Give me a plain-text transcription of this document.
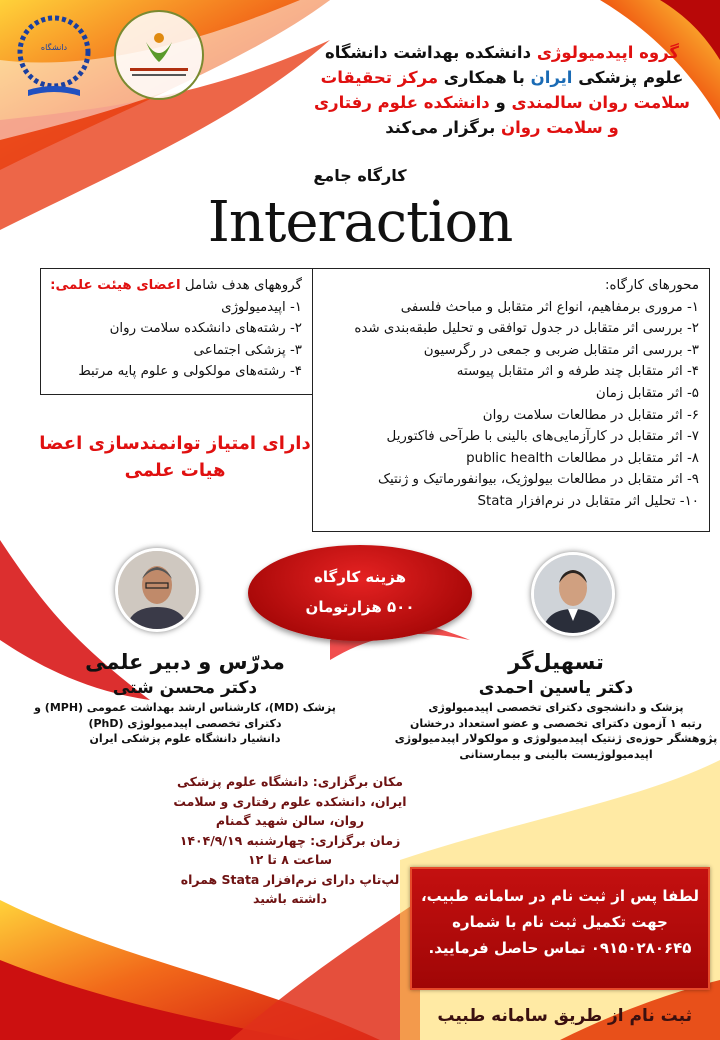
دانشگاه	گروه اپیدمیولوژی دانشکده بهداشت دانشگاه
علوم پزشکی ایران با همکاری مرکز تحقیقات
سلامت روان سالمندی و دانشکده علوم رفتاری
و سلامت روان برگزار می‌کند
کارگاه جامع
Interaction
محورهای کارگاه:
۱- مروری برمفاهیم، انواع اثر متقابل و مباحث فلسفی
۲- بررسی اثر متقابل در جدول توافقی و تحلیل طبقه‌بندی شده
۳- بررسی اثر متقابل ضربی و جمعی در رگرسیون
۴- اثر متقابل چند طرفه و اثر متقابل پیوسته
۵- اثر متقابل زمان
۶- اثر متقابل در مطالعات سلامت روان
۷- اثر متقابل در کارآزمایی‌های بالینی با طرآحی فاکتوریل
۸- اثر متقابل در مطالعات public health
۹- اثر متقابل در مطالعات بیولوژیک، بیوانفورماتیک و ژنتیک
۱۰- تحلیل اثر متقابل در نرم‌افزار Stata
گروههای هدف شامل اعضای هیئت علمی:
۱- اپیدمیولوژی
۲- رشته‌های دانشکده سلامت روان
۳- پزشکی اجتماعی
۴- رشته‌های مولکولی و علوم پایه مرتبط
دارای امتیاز توانمندسازی اعضا
هیات علمی
هزینه کارگاه
۵۰۰ هزارتومان
مدرّس و دبیر علمی
دکتر محسن شتی
پزشک (MD)، کارشناس ارشد بهداشت عمومی (MPH) و
دکترای تخصصی اپیدمیولوژی (PhD)
دانشیار دانشگاه علوم پزشکی ایران
تسهیل‌گر
دکتر یاسین احمدی
پزشک و دانشجوی دکترای تخصصی اپیدمیولوژی
رتبه ۱ آزمون دکترای تخصصی و عضو استعداد درخشان
پژوهشگر حوزه‌ی ژنتیک اپیدمیولوژی و مولکولار اپیدمیولوژی
اپیدمیولوژیست بالینی و بیمارستانی
مکان برگزاری: دانشگاه علوم پزشکی
ایران، دانشکده علوم رفتاری و سلامت
روان، سالن شهید گمنام
زمان برگزاری: چهارشنبه ۱۴۰۴/۹/۱۹
ساعت ۸ تا ۱۲
لپ‌تاپ دارای نرم‌افزار Stata همراه
داشته باشید	لطفا پس از ثبت نام در سامانه طبیب،
جهت تکمیل ثبت نام با شماره
۰۹۱۵۰۲۸۰۶۴۵ تماس حاصل فرمایید.
ثبت نام از طریق سامانه طبیب
